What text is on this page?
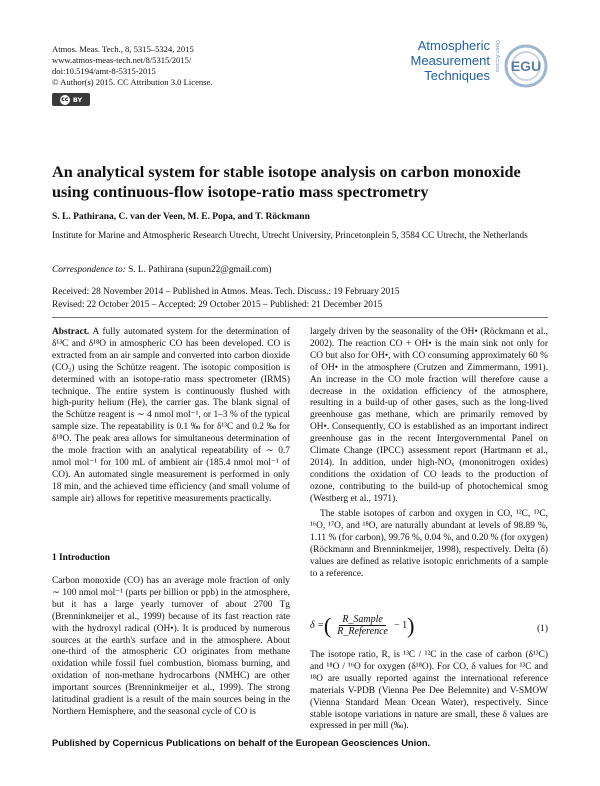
Atmos. Meas. Tech., 8, 5315–5324, 2015
www.atmos-meas-tech.net/8/5315/2015/
doi:10.5194/amt-8-5315-2015
© Author(s) 2015. CC Attribution 3.0 License.
cc BY
Atmospheric
Measurement
Techniques
Open Access EGU
An analytical system for stable isotope analysis on carbon monoxide using continuous-flow isotope-ratio mass spectrometry
S. L. Pathirana, C. van der Veen, M. E. Popa, and T. Röckmann
Institute for Marine and Atmospheric Research Utrecht, Utrecht University, Princetonplein 5, 3584 CC Utrecht, the Netherlands
Correspondence to: S. L. Pathirana (supun22@gmail.com)
Received: 28 November 2014 – Published in Atmos. Meas. Tech. Discuss.: 19 February 2015
Revised: 22 October 2015 – Accepted: 29 October 2015 – Published: 21 December 2015

Abstract. A fully automated system for the determination of δ¹³C and δ¹⁸O in atmospheric CO has been developed. CO is extracted from an air sample and converted into carbon dioxide (CO₂) using the Schütze reagent. The isotopic composition is determined with an isotope-ratio mass spectrometer (IRMS) technique. The entire system is continuously flushed with high-purity helium (He), the carrier gas. The blank signal of the Schütze reagent is ∼ 4 nmol mol⁻¹, or 1–3 % of the typical sample size. The repeatability is 0.1 ‰ for δ¹³C and 0.2 ‰ for δ¹⁸O. The peak area allows for simultaneous determination of the mole fraction with an analytical repeatability of ∼ 0.7 nmol mol⁻¹ for 100 mL of ambient air (185.4 nmol mol⁻¹ of CO). An automated single measurement is performed in only 18 min, and the achieved time efficiency (and small volume of sample air) allows for repetitive measurements practically.

1 Introduction

Carbon monoxide (CO) has an average mole fraction of only ∼ 100 nmol mol⁻¹ (parts per billion or ppb) in the atmosphere, but it has a large yearly turnover of about 2700 Tg (Brenninkmeijer et al., 1999) because of its fast reaction rate with the hydroxyl radical (OH•). It is produced by numerous sources at the earth's surface and in the atmosphere. About one-third of the atmospheric CO originates from methane oxidation while fossil fuel combustion, biomass burning, and oxidation of non-methane hydrocarbons (NMHC) are other important sources (Brenninkmeijer et al., 1999). The strong latitudinal gradient is a result of the main sources being in the Northern Hemisphere, and the seasonal cycle of CO is

largely driven by the seasonality of the OH• (Röckmann et al., 2002). The reaction CO + OH• is the main sink not only for CO but also for OH•, with CO consuming approximately 60 % of OH• in the atmosphere (Crutzen and Zimmermann, 1991). An increase in the CO mole fraction will therefore cause a decrease in the oxidation efficiency of the atmosphere, resulting in a build-up of other gases, such as the long-lived greenhouse gas methane, which are primarily removed by OH•. Consequently, CO is established as an important indirect greenhouse gas in the recent Intergovernmental Panel on Climate Change (IPCC) assessment report (Hartmann et al., 2014). In addition, under high-NOₓ (mononitrogen oxides) conditions the oxidation of CO leads to the production of ozone, contributing to the build-up of photochemical smog (Westberg et al., 1971).

The stable isotopes of carbon and oxygen in CO, ¹²C, ¹³C, ¹⁶O, ¹⁷O, and ¹⁸O, are naturally abundant at levels of 98.89 %, 1.11 % (for carbon), 99.76 %, 0.04 %, and 0.20 % (for oxygen) (Röckmann and Brenninkmeijer, 1998), respectively. Delta (δ) values are defined as relative isotopic enrichments of a sample to a reference.

δ = ( $\frac{\text{R\_Sample}}{\text{R\_Reference}} - 1$ )	(1)

The isotope ratio, R, is ¹³C / ¹²C in the case of carbon (δ¹³C) and ¹⁸O / ¹⁶O for oxygen (δ¹⁸O). For CO, δ values for ¹³C and ¹⁸O are usually reported against the international reference materials V-PDB (Vienna Pee Dee Belemnite) and V-SMOW (Vienna Standard Mean Ocean Water), respectively. Since stable isotope variations in nature are small, these δ values are expressed in per mill (‰).

Published by Copernicus Publications on behalf of the European Geosciences Union.
